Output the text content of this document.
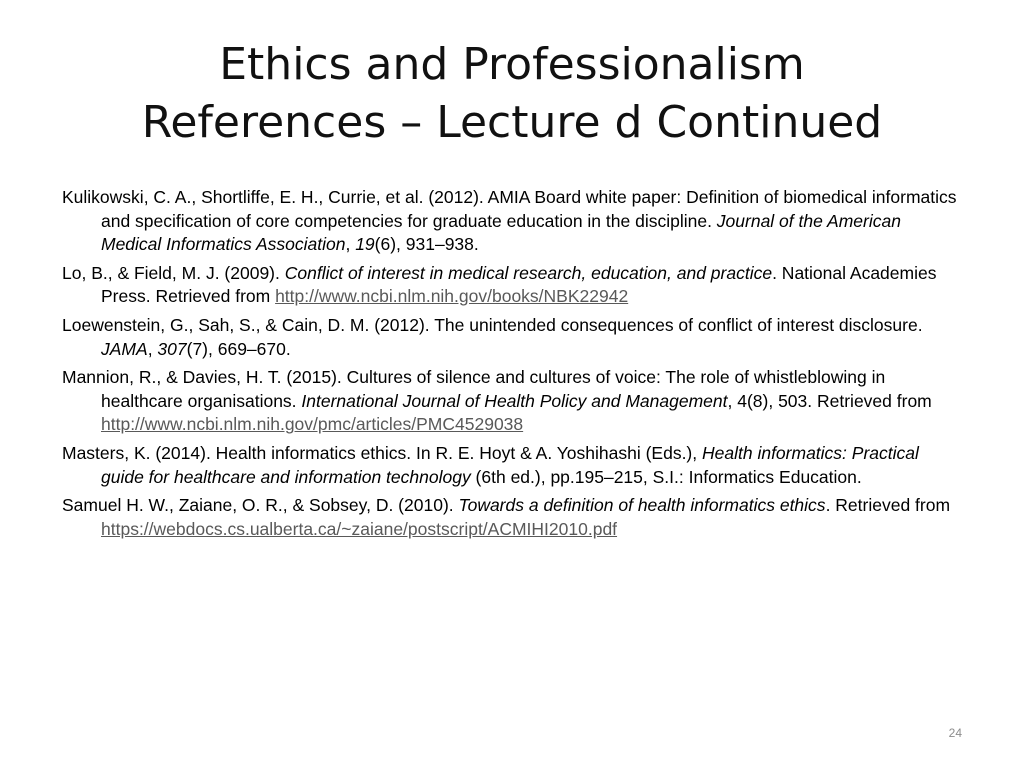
Ethics and Professionalism
References – Lecture d Continued
Kulikowski, C. A., Shortliffe, E. H., Currie, et al. (2012). AMIA Board white paper: Definition of biomedical informatics and specification of core competencies for graduate education in the discipline. Journal of the American Medical Informatics Association, 19(6), 931–938.
Lo, B., & Field, M. J. (2009). Conflict of interest in medical research, education, and practice. National Academies Press. Retrieved from http://www.ncbi.nlm.nih.gov/books/NBK22942
Loewenstein, G., Sah, S., & Cain, D. M. (2012). The unintended consequences of conflict of interest disclosure. JAMA, 307(7), 669–670.
Mannion, R., & Davies, H. T. (2015). Cultures of silence and cultures of voice: The role of whistleblowing in healthcare organisations. International Journal of Health Policy and Management, 4(8), 503. Retrieved from http://www.ncbi.nlm.nih.gov/pmc/articles/PMC4529038
Masters, K. (2014). Health informatics ethics. In R. E. Hoyt & A. Yoshihashi (Eds.), Health informatics: Practical guide for healthcare and information technology (6th ed.), pp.195–215, S.I.: Informatics Education.
Samuel H. W., Zaiane, O. R., & Sobsey, D. (2010). Towards a definition of health informatics ethics. Retrieved from https://webdocs.cs.ualberta.ca/~zaiane/postscript/ACMIHI2010.pdf
24
